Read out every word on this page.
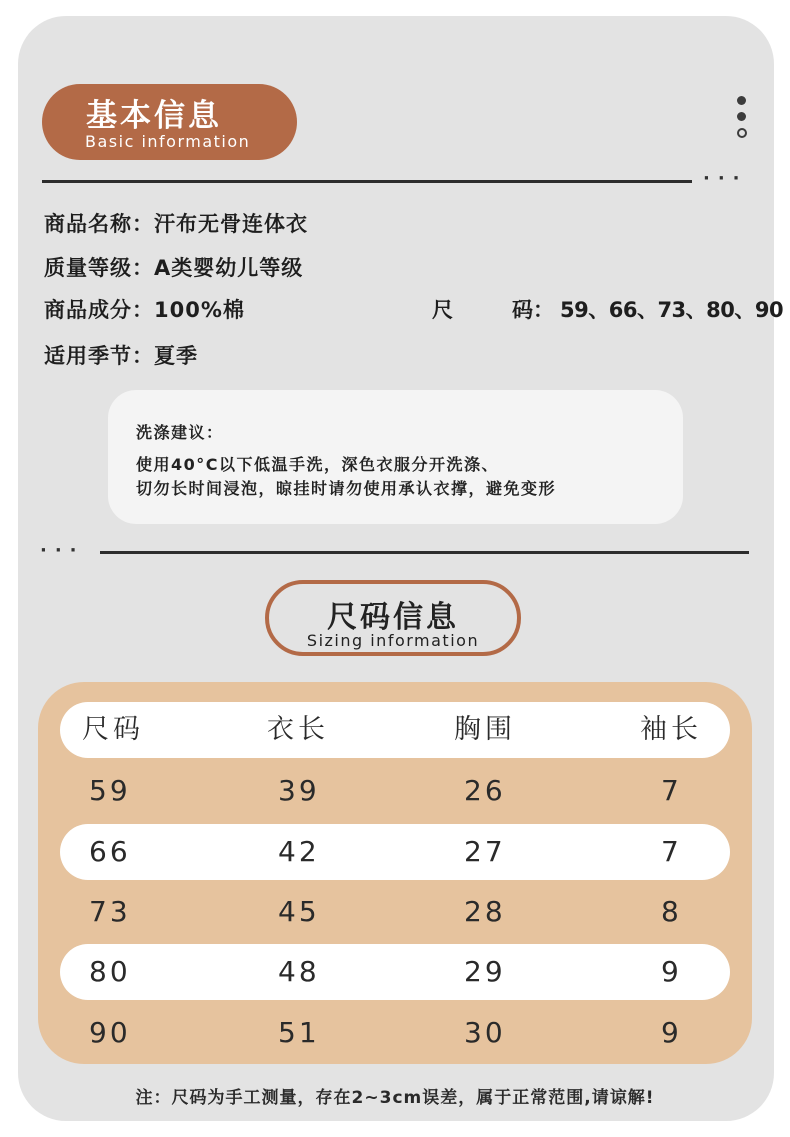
基本信息
Basic information
···
商品名称：汗布无骨连体衣
质量等级：A类婴幼儿等级
商品成分：100%棉	尺	码： 59、66、73、80、90
适用季节：夏季
洗涤建议：
使用40°C以下低温手洗，深色衣服分开洗涤、
切勿长时间浸泡，晾挂时请勿使用承认衣撑，避免变形
···
尺码信息
Sizing information
尺码	衣长	胸围	袖长
59	39	26	7
66	42	27	7
73	45	28	8
80	48	29	9
90	51	30	9
注：尺码为手工测量，存在2~3cm误差，属于正常范围,请谅解!
